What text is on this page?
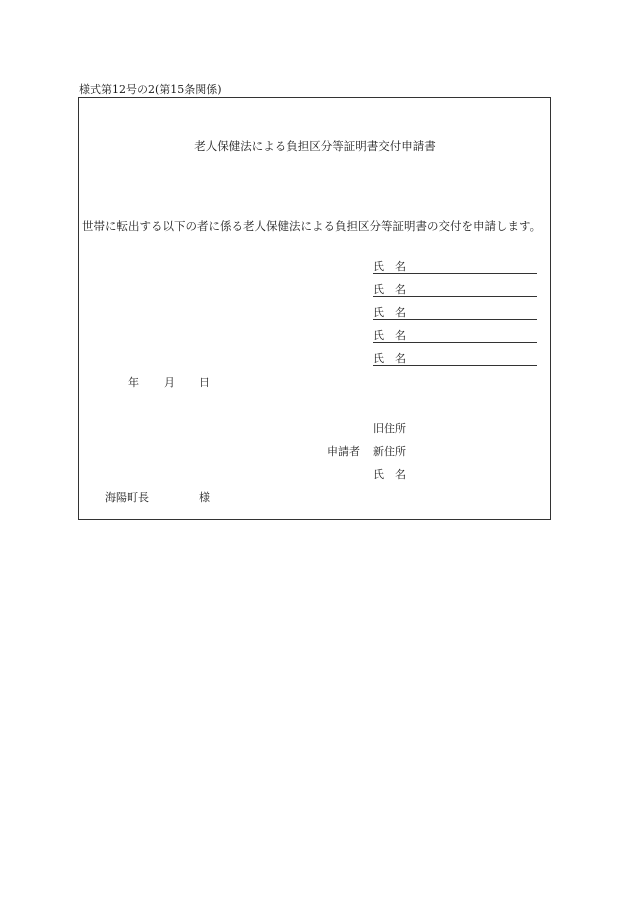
様式第12号の2(第15条関係)
老人保健法による負担区分等証明書交付申請書
世帯に転出する以下の者に係る老人保健法による負担区分等証明書の交付を申請します。
氏名
氏名
氏名
氏名
氏名
年 月 日
旧住所
申請者 新住所
氏　名
海陽町長	様
